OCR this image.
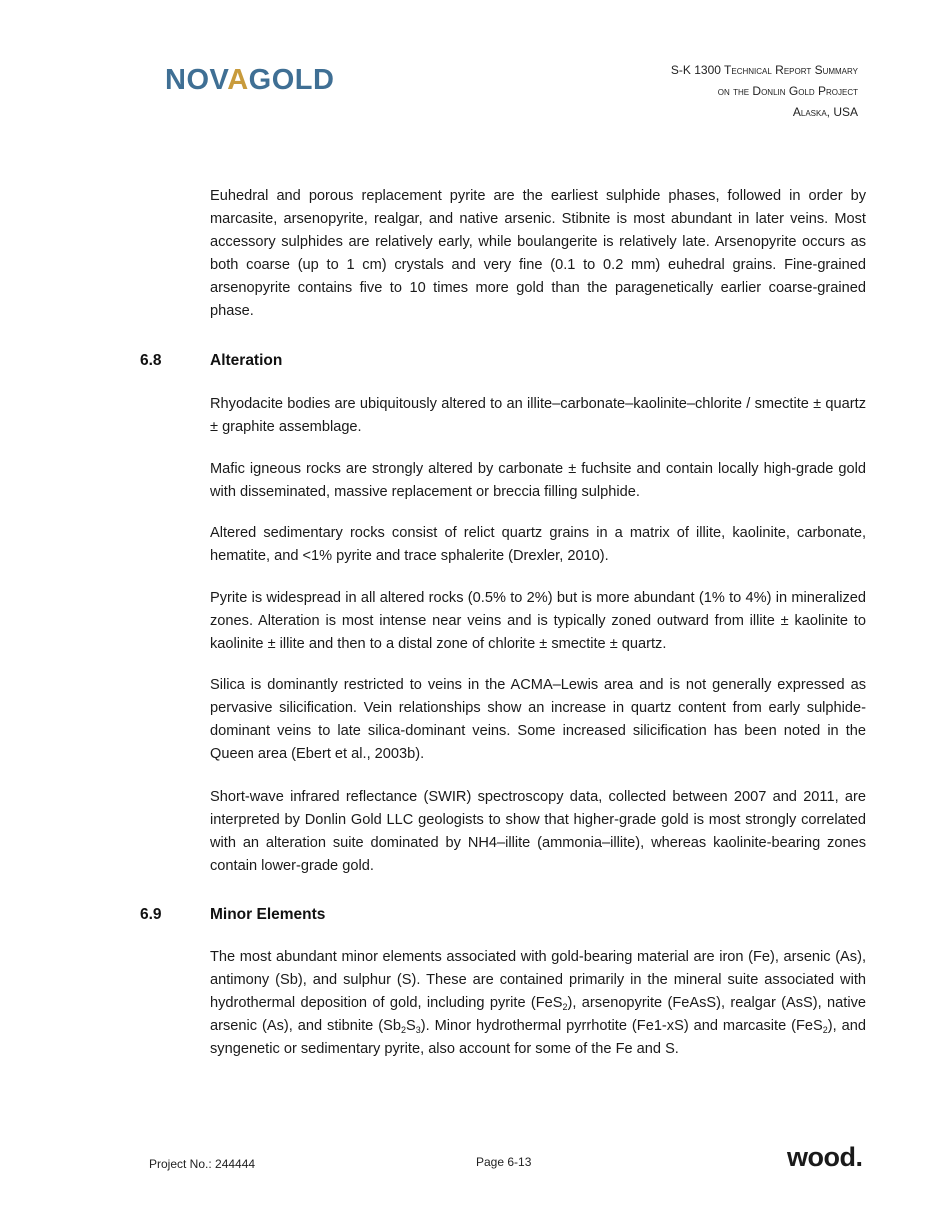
NOVAGOLD	S-K 1300 Technical Report Summary
on the Donlin Gold Project
Alaska, USA

Euhedral and porous replacement pyrite are the earliest sulphide phases, followed in order by marcasite, arsenopyrite, realgar, and native arsenic. Stibnite is most abundant in later veins. Most accessory sulphides are relatively early, while boulangerite is relatively late. Arsenopyrite occurs as both coarse (up to 1 cm) crystals and very fine (0.1 to 0.2 mm) euhedral grains. Fine-grained arsenopyrite contains five to 10 times more gold than the paragenetically earlier coarse-grained phase.

6.8	Alteration

Rhyodacite bodies are ubiquitously altered to an illite–carbonate–kaolinite–chlorite / smectite ± quartz ± graphite assemblage.

Mafic igneous rocks are strongly altered by carbonate ± fuchsite and contain locally high-grade gold with disseminated, massive replacement or breccia filling sulphide.

Altered sedimentary rocks consist of relict quartz grains in a matrix of illite, kaolinite, carbonate, hematite, and <1% pyrite and trace sphalerite (Drexler, 2010).

Pyrite is widespread in all altered rocks (0.5% to 2%) but is more abundant (1% to 4%) in mineralized zones. Alteration is most intense near veins and is typically zoned outward from illite ± kaolinite to kaolinite ± illite and then to a distal zone of chlorite ± smectite ± quartz.

Silica is dominantly restricted to veins in the ACMA–Lewis area and is not generally expressed as pervasive silicification. Vein relationships show an increase in quartz content from early sulphide-dominant veins to late silica-dominant veins. Some increased silicification has been noted in the Queen area (Ebert et al., 2003b).

Short-wave infrared reflectance (SWIR) spectroscopy data, collected between 2007 and 2011, are interpreted by Donlin Gold LLC geologists to show that higher-grade gold is most strongly correlated with an alteration suite dominated by NH4–illite (ammonia–illite), whereas kaolinite-bearing zones contain lower-grade gold.

6.9	Minor Elements

The most abundant minor elements associated with gold-bearing material are iron (Fe), arsenic (As), antimony (Sb), and sulphur (S). These are contained primarily in the mineral suite associated with hydrothermal deposition of gold, including pyrite (FeS$_2$), arsenopyrite (FeAsS), realgar (AsS), native arsenic (As), and stibnite $(Sb_2S_3)$. Minor hydrothermal pyrrhotite (Fe1-xS) and marcasite (FeS$_2$), and syngenetic or sedimentary pyrite, also account for some of the Fe and S.

Project No.: 244444	Page 6-13	wood.
